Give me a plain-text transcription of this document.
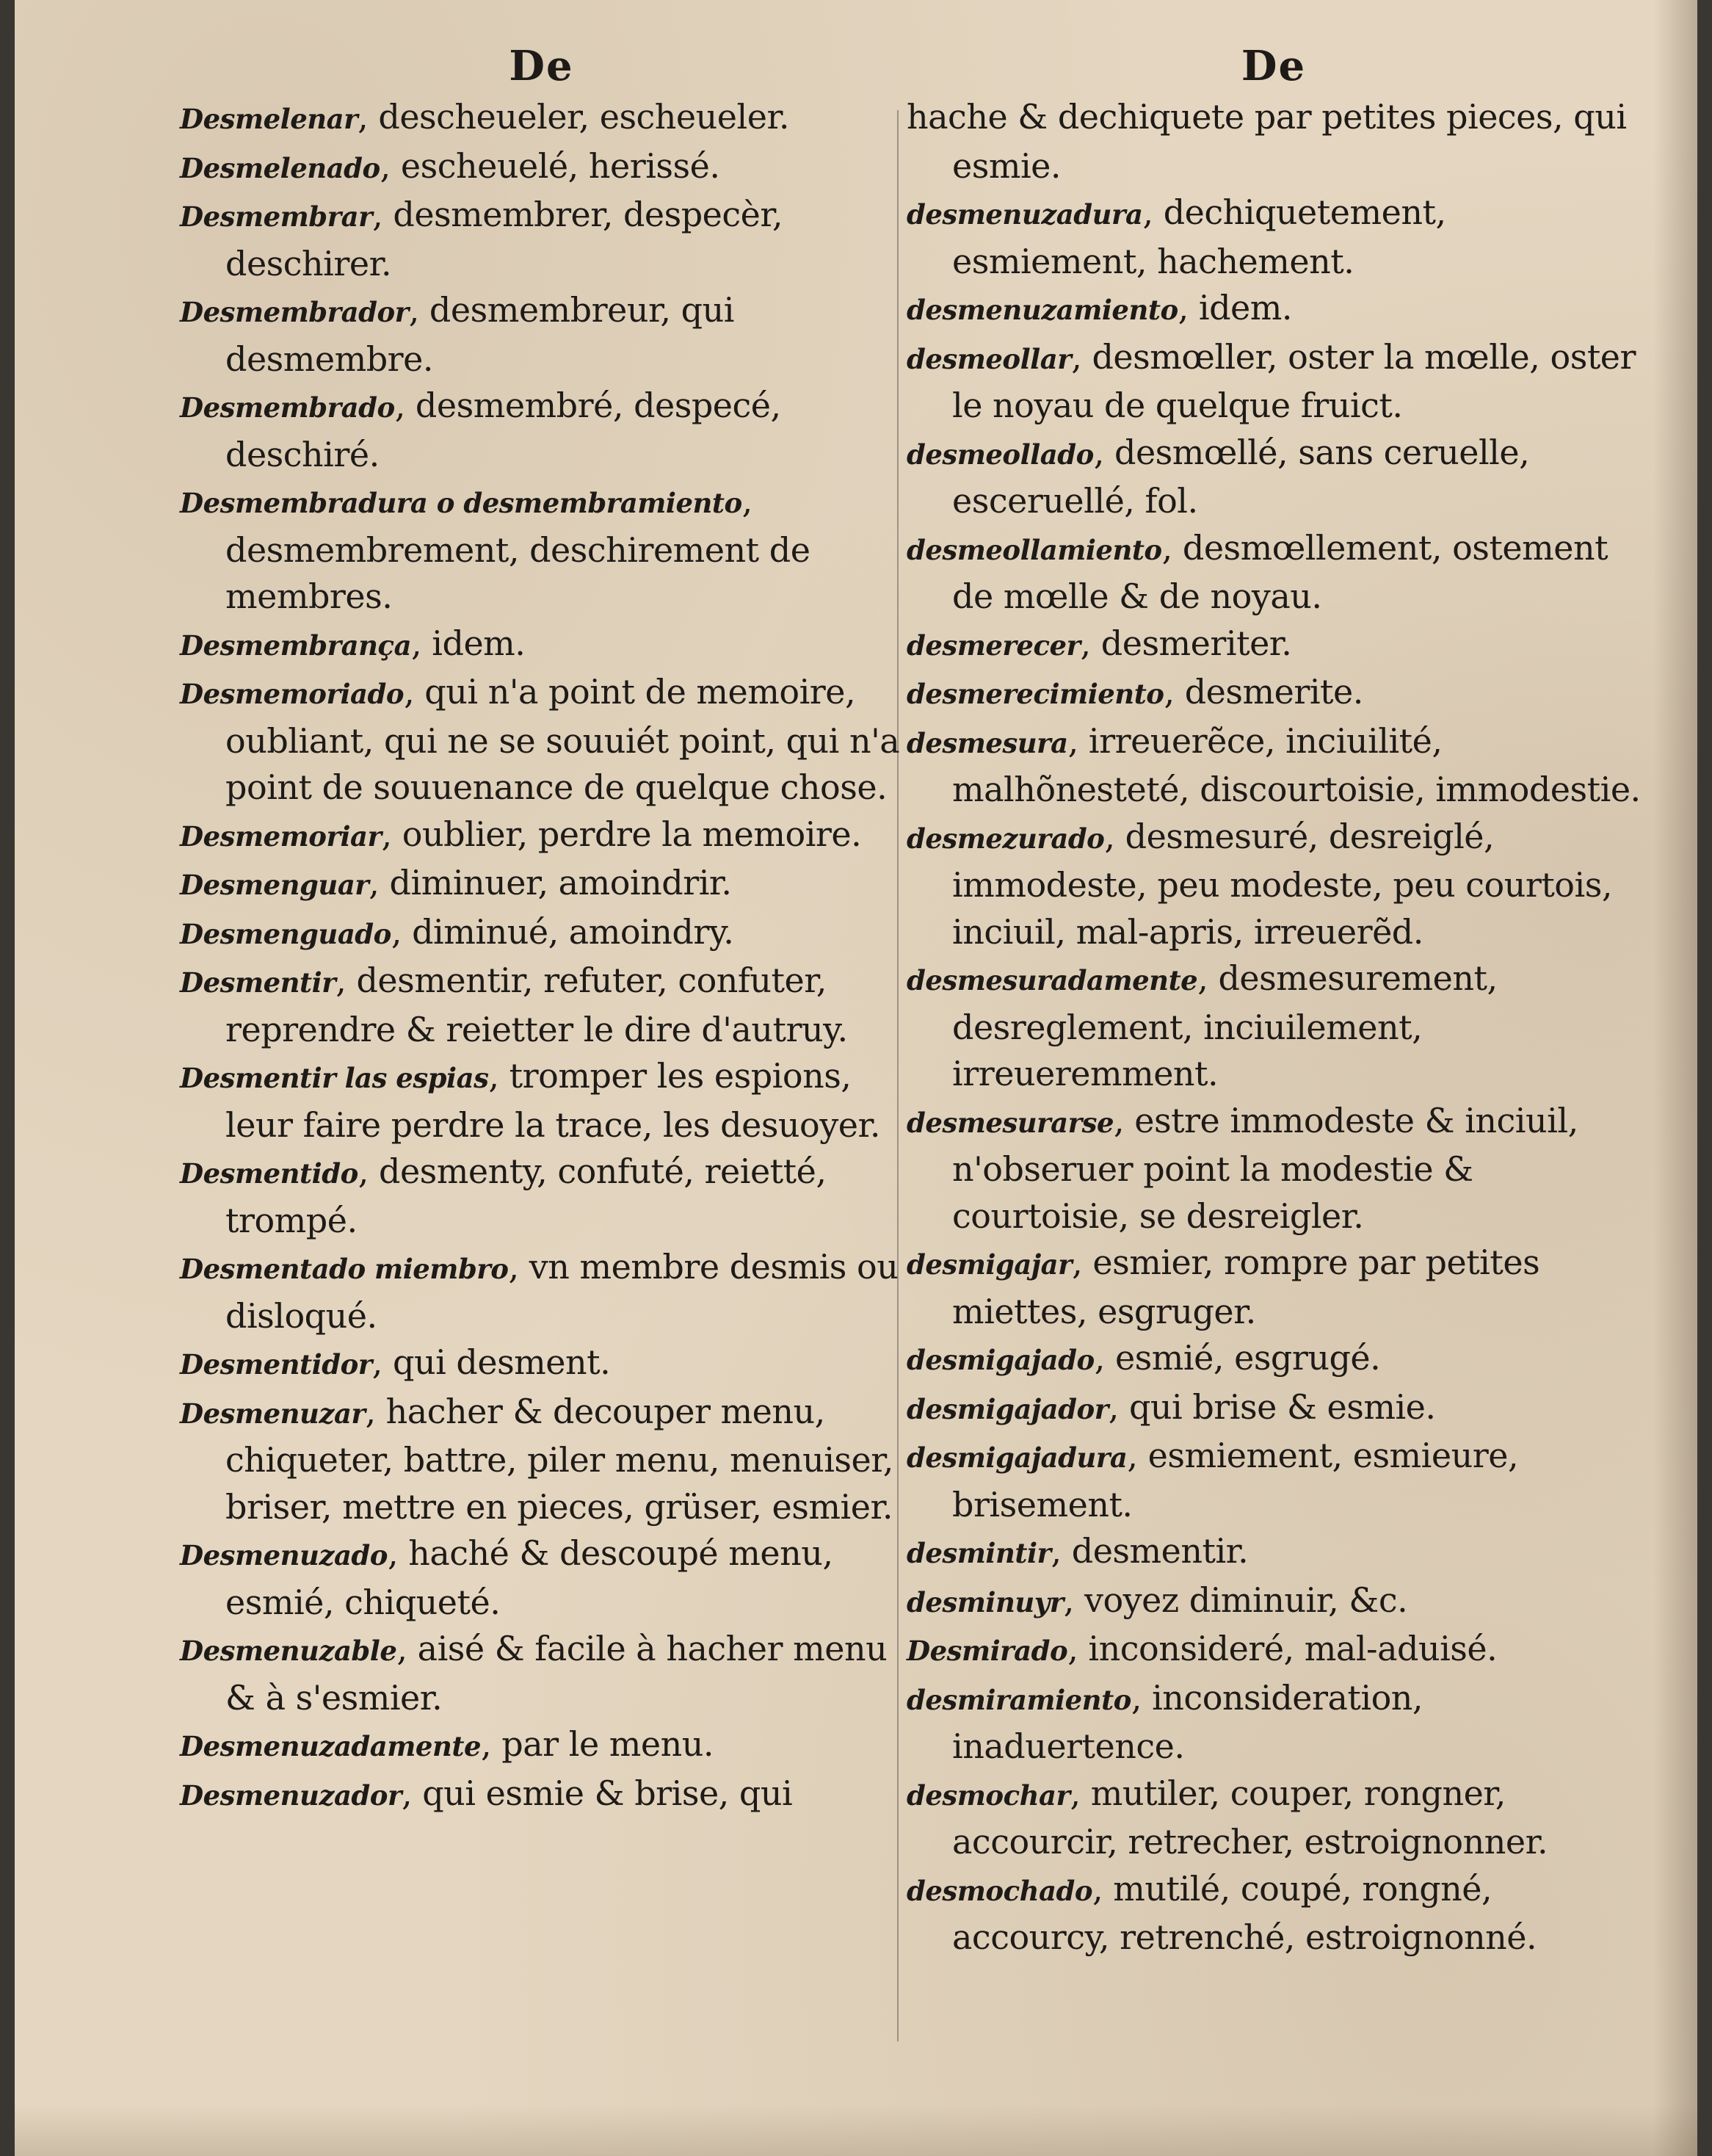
De
Desmelenar, descheueler, escheueler.
Desmelenado, escheuelé, herissé.
Desmembrar, desmembrer, despecèr, deschirer.
Desmembrador, desmembreur, qui desmembre.
Desmembrado, desmembré, despecé, deschiré.
Desmembradura o desmembramiento, desmembrement, deschirement de membres.
Desmembrança, idem.
Desmemoriado, qui n'a point de memoire, oubliant, qui ne se souuiét point, qui n'a point de souuenance de quelque chose.
Desmemoriar, oublier, perdre la memoire.
Desmenguar, diminuer, amoindrir.
Desmenguado, diminué, amoindry.
Desmentir, desmentir, refuter, confuter, reprendre & reietter le dire d'autruy.
Desmentir las espias, tromper les espions, leur faire perdre la trace, les desuoyer.
Desmentido, desmenty, confuté, reietté, trompé.
Desmentado miembro, vn membre desmis ou disloqué.
Desmentidor, qui desment.
Desmenuzar, hacher & decouper menu, chiqueter, battre, piler menu, menuiser, briser, mettre en pieces, grüser, esmier.
Desmenuzado, haché & descoupé menu, esmié, chiqueté.
Desmenuzable, aisé & facile à hacher menu & à s'esmier.
Desmenuzadamente, par le menu.
Desmenuzador, qui esmie & brise, qui
De
hache & dechiquete par petites pieces, qui esmie.
desmenuzadura, dechiquetement, esmiement, hachement.
desmenuzamiento, idem.
desmeollar, desmœller, oster la mœlle, oster le noyau de quelque fruict.
desmeollado, desmœllé, sans ceruelle, esceruellé, fol.
desmeollamiento, desmœllement, ostement de mœlle & de noyau.
desmerecer, desmeriter.
desmerecimiento, desmerite.
desmesura, irreuerẽce, inciuilité, malhõnesteté, discourtoisie, immodestie.
desmezurado, desmesuré, desreiglé, immodeste, peu modeste, peu courtois, inciuil, mal-apris, irreuerẽd.
desmesuradamente, desmesurement, desreglement, inciuilement, irreueremment.
desmesurarse, estre immodeste & inciuil, n'obseruer point la modestie & courtoisie, se desreigler.
desmigajar, esmier, rompre par petites miettes, esgruger.
desmigajado, esmié, esgrugé.
desmigajador, qui brise & esmie.
desmigajadura, esmiement, esmieure, brisement.
desmintir, desmentir.
desminuyr, voyez diminuir, &c.
Desmirado, inconsideré, mal-aduisé.
desmiramiento, inconsideration, inaduertence.
desmochar, mutiler, couper, rongner, accourcir, retrecher, estroignonner.
desmochado, mutilé, coupé, rongné, accourcy, retrenché, estroignonné.
